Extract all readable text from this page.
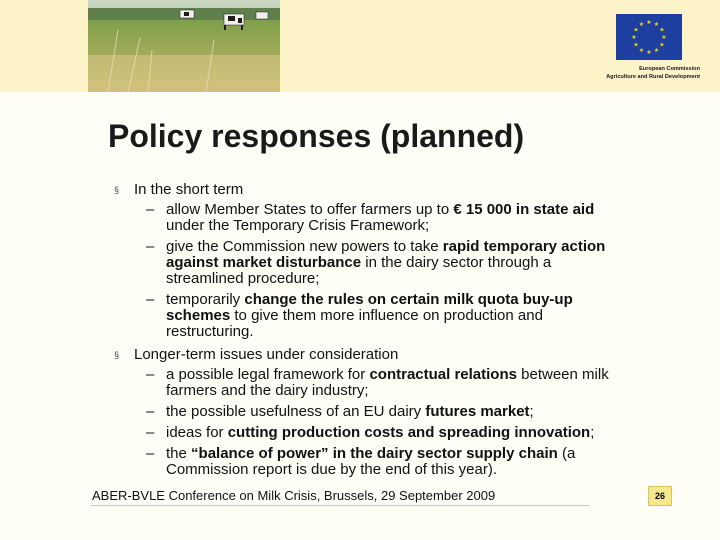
★ ★
★
★
★
★
★
★
★
★
★
★
European Commission
Agriculture and Rural Development
Policy responses (planned)
§ In the short term
– allow Member States to offer farmers up to € 15 000 in state aid
under the Temporary Crisis Framework;
– give the Commission new powers to take rapid temporary action
against market disturbance in the dairy sector through a
streamlined procedure;
– temporarily change the rules on certain milk quota buy-up
schemes to give them more influence on production and
restructuring.
§ Longer-term issues under consideration
– a possible legal framework for contractual relations between milk
farmers and the dairy industry;
– the possible usefulness of an EU dairy futures market;
– ideas for cutting production costs and spreading innovation;
– the “balance of power” in the dairy sector supply chain (a
Commission report is due by the end of this year).
ABER-BVLE Conference on Milk Crisis, Brussels, 29 September 2009	26
